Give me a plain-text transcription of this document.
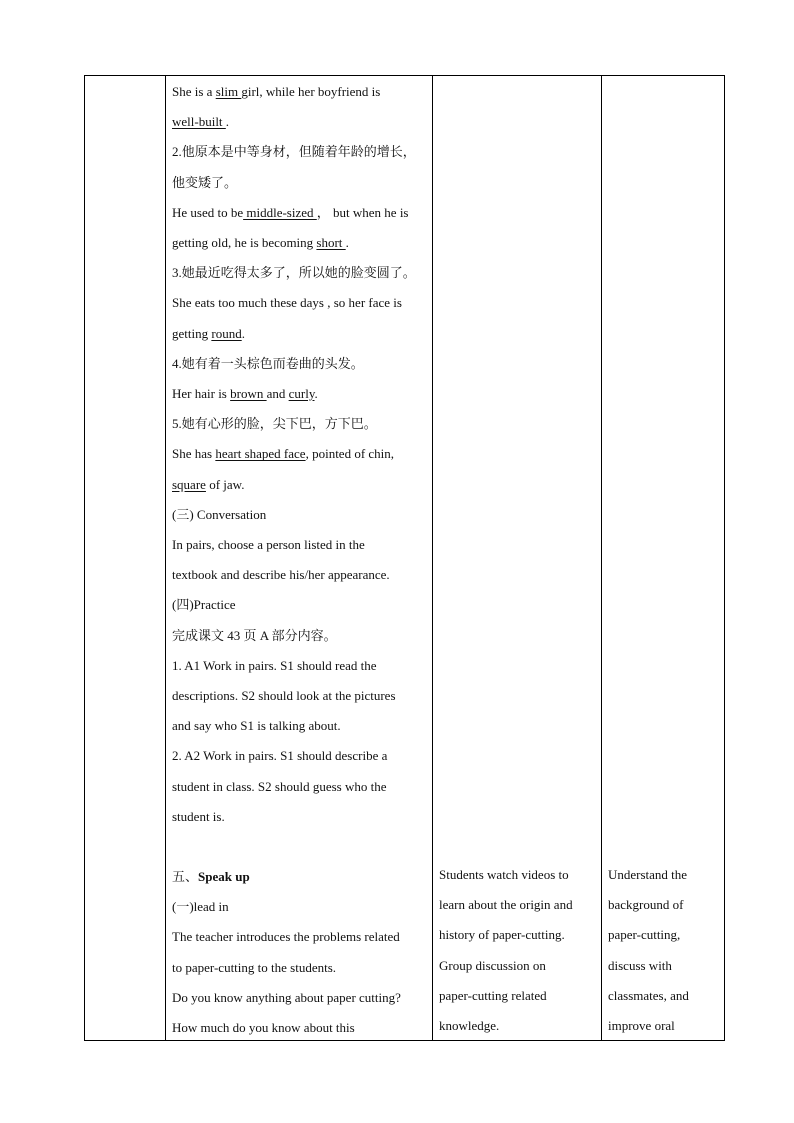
She is a slim girl, while her boyfriend is

well-built .

2.他原本是中等身材，但随着年龄的增长，

他变矮了。

He used to be middle-sized ， but when he is

getting old, he is becoming short .

3.她最近吃得太多了，所以她的脸变圆了。

She eats too much these days , so her face is

getting round.

4.她有着一头棕色而卷曲的头发。

Her hair is brown and curly.

5.她有心形的脸，尖下巴，方下巴。

She has heart shaped face, pointed of chin,

square of jaw.

(三) Conversation

In pairs, choose a person listed in the

textbook and describe his/her appearance.

(四)Practice

完成课文 43 页 A 部分内容。

1. A1 Work in pairs. S1 should read the

descriptions. S2 should look at the pictures

and say who S1 is talking about.

2. A2 Work in pairs. S1 should describe a

student in class. S2 should guess who the

student is.

五、Speak up

(一)lead in

The teacher introduces the problems related

to paper-cutting to the students.

Do you know anything about paper cutting?

How much do you know about this

Students watch videos to

learn about the origin and

history of paper-cutting.

Group discussion on

paper-cutting related

knowledge.

Understand the

background of

paper-cutting,

discuss with

classmates, and

improve oral
